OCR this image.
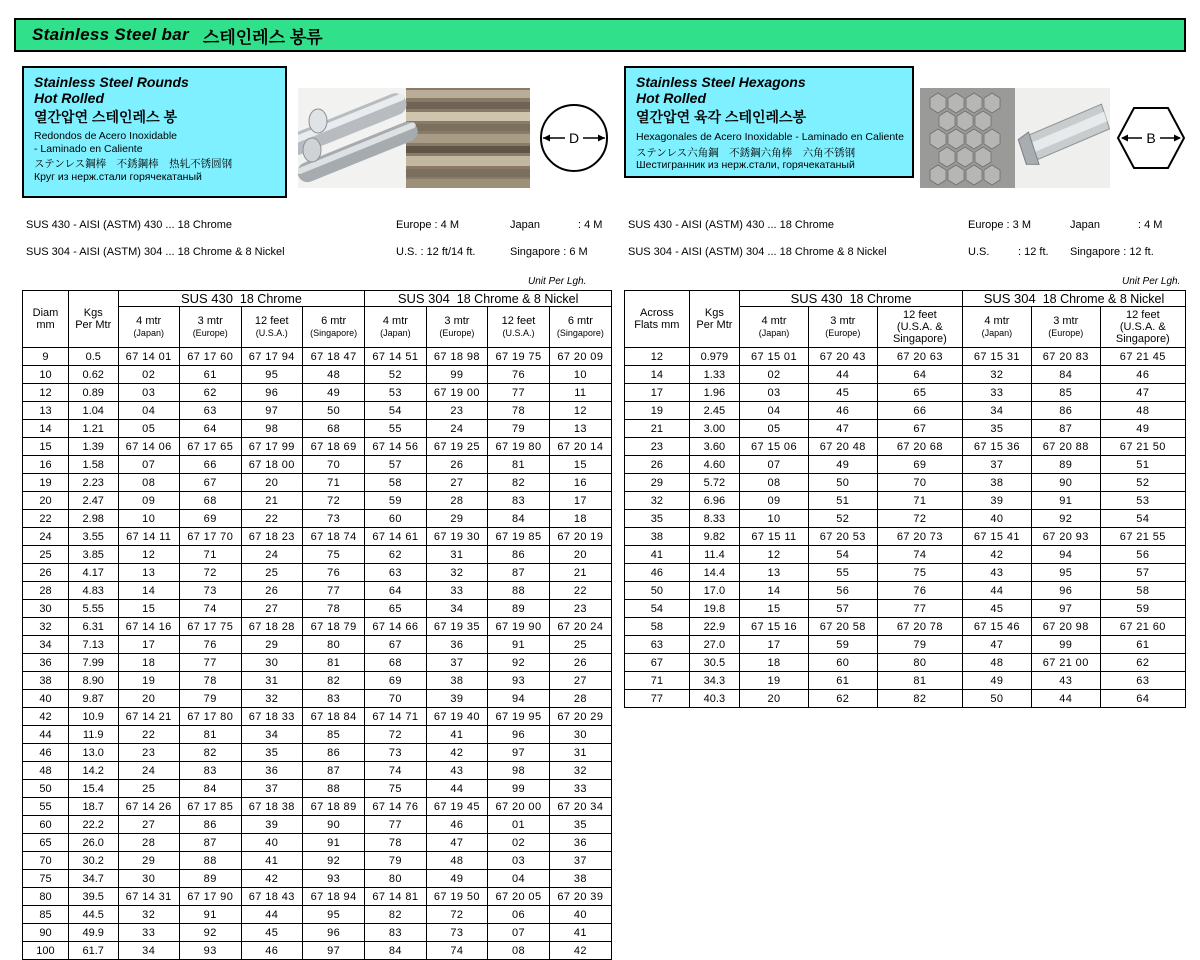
Stainless Steel bar 스테인레스 봉류
Stainless Steel Rounds
Hot Rolled
열간압연 스테인레스 봉
Redondos de Acero Inoxidable
- Laminado en Caliente
ステンレス鋼棒　不銹鋼棒　热轧不锈圆钢
Круг из нерж.стали горячекатаный
D
SUS 430 - AISI (ASTM) 430 ... 18 Chrome
SUS 304 - AISI (ASTM) 304 ... 18 Chrome & 8 Nickel
Europe : 4 M	Japan	: 4 M
U.S. : 12 ft/14 ft.	Singapore : 6 M
Unit Per Lgh.
Stainless Steel Hexagons
Hot Rolled
열간압연 육각 스테인레스봉
Hexagonales de Acero Inoxidable - Laminado en Caliente
ステンレス六角鋼　不銹鋼六角棒　六角不锈钢
Шестигранник из нерж.стали, горячекатаный
B
SUS 430 - AISI (ASTM) 430 ... 18 Chrome
SUS 304 - AISI (ASTM) 304 ... 18 Chrome & 8 Nickel
Europe : 3 M	Japan	: 4 M
U.S.	: 12 ft. Singapore : 12 ft.
Unit Per Lgh.
Diam
mm

Kgs
Per Mtr
	SUS 430  18 Chrome	SUS 304  18 Chrome & 8 Nickel

4 mtr
(Japan)

3 mtr
(Europe)

12 feet
(U.S.A.)

6 mtr
(Singapore)

4 mtr
(Japan)

3 mtr
(Europe)

12 feet
(U.S.A.)

6 mtr
(Singapore)

9	0.5	67 14 01	67 17 60	67 17 94	67 18 47	67 14 51	67 18 98	67 19 75	67 20 09
10	0.62	02	61	95	48	52	99	76	10
12	0.89	03	62	96	49	53	67 19 00	77	11
13	1.04	04	63	97	50	54	23	78	12
14	1.21	05	64	98	68	55	24	79	13
15	1.39	67 14 06	67 17 65	67 17 99	67 18 69	67 14 56	67 19 25	67 19 80	67 20 14
16	1.58	07	66	67 18 00	70	57	26	81	15
19	2.23	08	67	20	71	58	27	82	16
20	2.47	09	68	21	72	59	28	83	17
22	2.98	10	69	22	73	60	29	84	18
24	3.55	67 14 11	67 17 70	67 18 23	67 18 74	67 14 61	67 19 30	67 19 85	67 20 19
25	3.85	12	71	24	75	62	31	86	20
26	4.17	13	72	25	76	63	32	87	21
28	4.83	14	73	26	77	64	33	88	22
30	5.55	15	74	27	78	65	34	89	23
32	6.31	67 14 16	67 17 75	67 18 28	67 18 79	67 14 66	67 19 35	67 19 90	67 20 24
34	7.13	17	76	29	80	67	36	91	25
36	7.99	18	77	30	81	68	37	92	26
38	8.90	19	78	31	82	69	38	93	27
40	9.87	20	79	32	83	70	39	94	28
42	10.9	67 14 21	67 17 80	67 18 33	67 18 84	67 14 71	67 19 40	67 19 95	67 20 29
44	11.9	22	81	34	85	72	41	96	30
46	13.0	23	82	35	86	73	42	97	31
48	14.2	24	83	36	87	74	43	98	32
50	15.4	25	84	37	88	75	44	99	33
55	18.7	67 14 26	67 17 85	67 18 38	67 18 89	67 14 76	67 19 45	67 20 00	67 20 34
60	22.2	27	86	39	90	77	46	01	35
65	26.0	28	87	40	91	78	47	02	36
70	30.2	29	88	41	92	79	48	03	37
75	34.7	30	89	42	93	80	49	04	38
80	39.5	67 14 31	67 17 90	67 18 43	67 18 94	67 14 81	67 19 50	67 20 05	67 20 39
85	44.5	32	91	44	95	82	72	06	40
90	49.9	33	92	45	96	83	73	07	41
100	61.7	34	93	46	97	84	74	08	42
Across
Flats mm

Kgs
Per Mtr
	SUS 430  18 Chrome	SUS 304  18 Chrome & 8 Nickel

4 mtr
(Japan)

3 mtr
(Europe)

12 feet
(U.S.A. &
Singapore)

4 mtr
(Japan)

3 mtr
(Europe)

12 feet
(U.S.A. &
Singapore)

12	0.979	67 15 01	67 20 43	67 20 63	67 15 31	67 20 83	67 21 45
14	1.33	02	44	64	32	84	46
17	1.96	03	45	65	33	85	47
19	2.45	04	46	66	34	86	48
21	3.00	05	47	67	35	87	49
23	3.60	67 15 06	67 20 48	67 20 68	67 15 36	67 20 88	67 21 50
26	4.60	07	49	69	37	89	51
29	5.72	08	50	70	38	90	52
32	6.96	09	51	71	39	91	53
35	8.33	10	52	72	40	92	54
38	9.82	67 15 11	67 20 53	67 20 73	67 15 41	67 20 93	67 21 55
41	11.4	12	54	74	42	94	56
46	14.4	13	55	75	43	95	57
50	17.0	14	56	76	44	96	58
54	19.8	15	57	77	45	97	59
58	22.9	67 15 16	67 20 58	67 20 78	67 15 46	67 20 98	67 21 60
63	27.0	17	59	79	47	99	61
67	30.5	18	60	80	48	67 21 00	62
71	34.3	19	61	81	49	43	63
77	40.3	20	62	82	50	44	64
